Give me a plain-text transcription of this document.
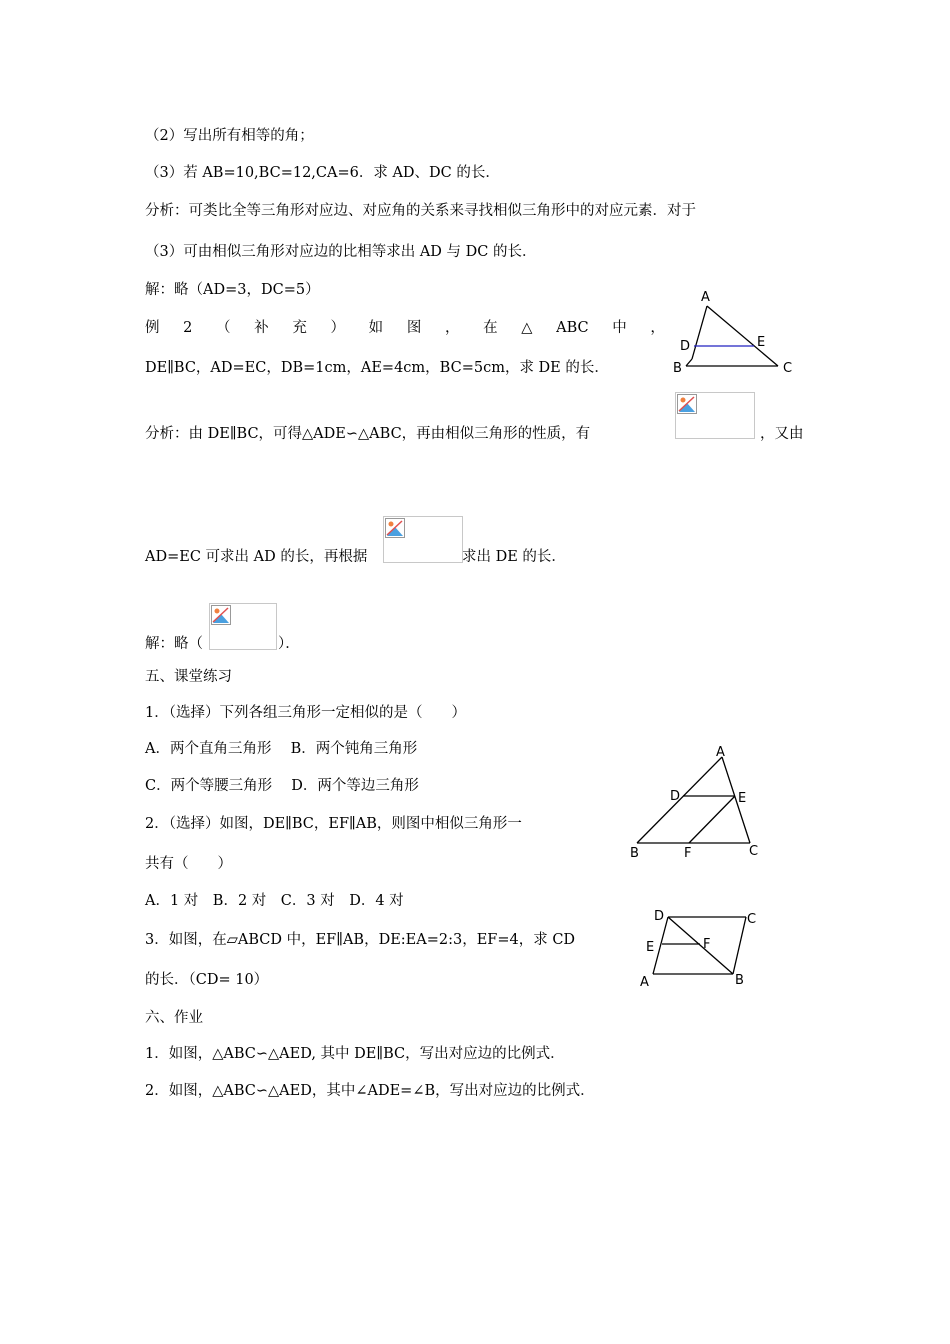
（2）写出所有相等的角；
（3）若 AB=10,BC=12,CA=6．求 AD、DC 的长．
分析：可类比全等三角形对应边、对应角的关系来寻找相似三角形中的对应元素．对于
（3）可由相似三角形对应边的比相等求出 AD 与 DC 的长．
解：略（AD=3，DC=5）
例 2 （ 补 充 ） 如 图 ， 在 △ ABC 中 ，
DE∥BC，AD=EC，DB=1cm，AE=4cm，BC=5cm，求 DE 的长．
A
D	E
B	C
分析：由 DE∥BC，可得△ADE∽△ABC，再由相似三角形的性质，有	，又由
AD=EC 可求出 AD 的长，再根据	求出 DE 的长．
解：略（	）．
五、课堂练习
1．（选择）下列各组三角形一定相似的是（　　）
A．两个直角三角形　 B．两个钝角三角形
C．两个等腰三角形　 D．两个等边三角形
2．（选择）如图，DE∥BC，EF∥AB，则图中相似三角形一
共有（　　）
A
D	E
B	F	C
A．1 对　B．2 对　C．3 对　D．4 对
3．如图，在▱ABCD 中，EF∥AB，DE:EA=2:3，EF=4，求 CD
的长．（CD= 10）
D	C
E	F
A	B
六、作业
1．如图，△ABC∽△AED, 其中 DE∥BC，写出对应边的比例式．
2．如图，△ABC∽△AED，其中∠ADE=∠B，写出对应边的比例式．
